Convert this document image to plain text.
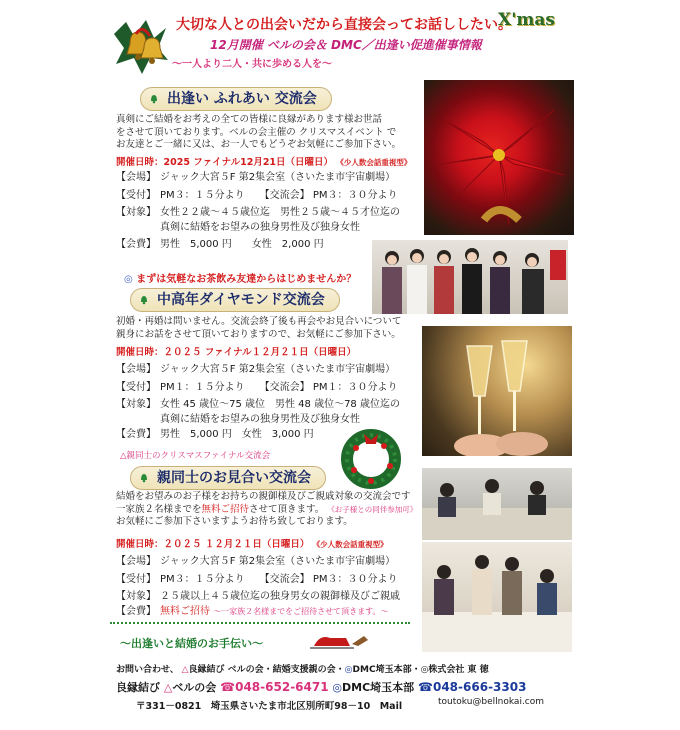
大切な人との出会いだから直接会ってお話ししたい。
X'mas
12月開催 ベルの会＆ DMC／出逢い促進催事情報
～一人より二人・共に歩める人を～
出逢い ふれあい 交流会
真剣にご結婚をお考えの全ての皆様に良縁があります様お世話
をさせて頂いております。ベルの会主催の クリスマスイベント で
お友達とご一緒に又は、お一人でもどうぞお気軽にご参加下さい。
開催日時：2025 ファイナル12月21日（日曜日） 《少人数会話重視型》
【会場】 ジャック大宮５F 第2集会室（さいたま市宇宙劇場）
【受付】 PM３：１５分より　　【交流会】 PM３：３０分より
【対象】 女性２２歳～４５歳位迄　男性２５歳～４５才位迄の
真剣に結婚をお望みの独身男性及び独身女性
【会費】 男性　5,000 円　　女性　2,000 円
◎ まずは気軽なお茶飲み友達からはじめませんか？
中高年ダイヤモンド交流会
初婚・再婚は問いません。交流会終了後も再会やお見合いについて
親身にお話をさせて頂いておりますので、お気軽にご参加下さい。
開催日時：２０２５ ファイナル１２月２１日（日曜日）
【会場】 ジャック大宮５F 第2集会室（さいたま市宇宙劇場）
【受付】 PM１：１５分より　　【交流会】 PM１：３０分より
【対象】 女性 45 歳位～75 歳位　男性 48 歳位～78 歳位迄の
真剣に結婚をお望みの独身男性及び独身女性
【会費】 男性　5,000 円　女性　3,000 円
△親同士のクリスマスファイナル交流会
親同士のお見合い交流会
結婚をお望みのお子様をお持ちの親御様及びご親戚対象の交流会です
一家族２名様までを無料ご招待させて頂きます。 《お子様との同伴参加可》
お気軽にご参加下さいますようお待ち致しております。
開催日時：２０２５ １２月２１日（日曜日） 《少人数会話重視型》
【会場】 ジャック大宮５F 第2集会室（さいたま市宇宙劇場）
【受付】 PM３：１５分より　　【交流会】 PM３：３０分より
【対象】 ２５歳以上４５歳位迄の独身男女の親御様及びご親戚
【会費】 無料ご招待 ～一家族２名様までをご招待させて頂きます。～
～出逢いと結婚のお手伝い～
お問い合わせ、 △良縁結び ベルの会・結婚支援親の会・◎DMC埼玉本部・◎株式会社 東 徳
良縁結び △ベルの会 ☎048-652-6471 ◎DMC埼玉本部 ☎048-666-3303
〒331－0821　埼玉県さいたま市北区別所町98－10　Mail	toutoku@bellnokai.com
